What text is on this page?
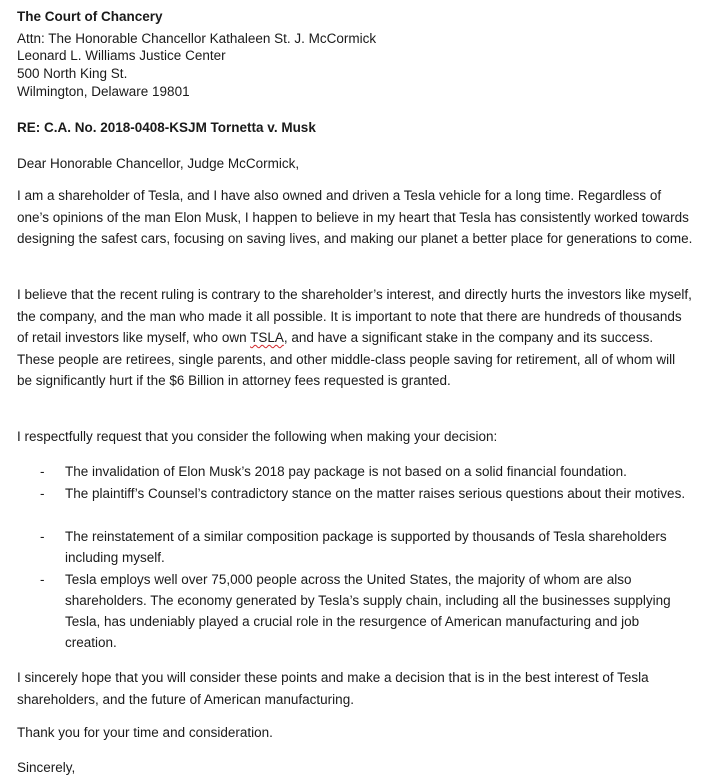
The Court of Chancery
Attn: The Honorable Chancellor Kathaleen St. J. McCormick
Leonard L. Williams Justice Center
500 North King St.
Wilmington, Delaware 19801
RE: C.A. No. 2018-0408-KSJM Tornetta v. Musk
Dear Honorable Chancellor, Judge McCormick,
I am a shareholder of Tesla, and I have also owned and driven a Tesla vehicle for a long time. Regardless of one’s opinions of the man Elon Musk, I happen to believe in my heart that Tesla has consistently worked towards designing the safest cars, focusing on saving lives, and making our planet a better place for generations to come.
I believe that the recent ruling is contrary to the shareholder’s interest, and directly hurts the investors like myself, the company, and the man who made it all possible. It is important to note that there are hundreds of thousands of retail investors like myself, who own TSLA, and have a significant stake in the company and its success. These people are retirees, single parents, and other middle-class people saving for retirement, all of whom will be significantly hurt if the $6 Billion in attorney fees requested is granted.
I respectfully request that you consider the following when making your decision:
- The invalidation of Elon Musk’s 2018 pay package is not based on a solid financial foundation.
- The plaintiff’s Counsel’s contradictory stance on the matter raises serious questions about their motives.
- The reinstatement of a similar composition package is supported by thousands of Tesla shareholders including myself.
- Tesla employs well over 75,000 people across the United States, the majority of whom are also shareholders. The economy generated by Tesla’s supply chain, including all the businesses supplying Tesla, has undeniably played a crucial role in the resurgence of American manufacturing and job creation.
I sincerely hope that you will consider these points and make a decision that is in the best interest of Tesla shareholders, and the future of American manufacturing.
Thank you for your time and consideration.
Sincerely,
